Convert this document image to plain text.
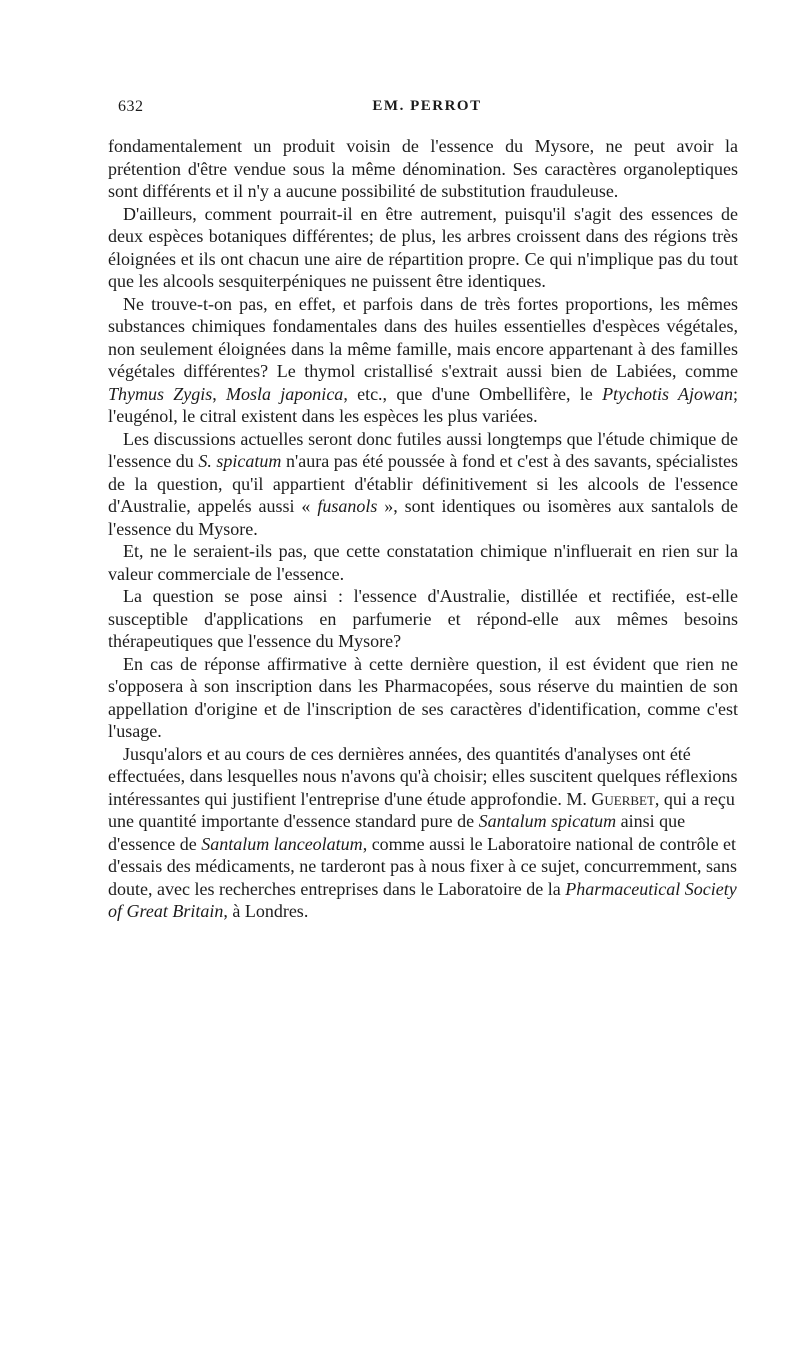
632	EM. PERROT

fondamentalement un produit voisin de l'essence du Mysore, ne peut avoir la prétention d'être vendue sous la même dénomination. Ses caractères organoleptiques sont différents et il n'y a aucune possibilité de substitution frauduleuse.

D'ailleurs, comment pourrait-il en être autrement, puisqu'il s'agit des essences de deux espèces botaniques différentes; de plus, les arbres croissent dans des régions très éloignées et ils ont chacun une aire de répartition propre. Ce qui n'implique pas du tout que les alcools sesquiterpéniques ne puissent être identiques.

Ne trouve-t-on pas, en effet, et parfois dans de très fortes proportions, les mêmes substances chimiques fondamentales dans des huiles essentielles d'espèces végétales, non seulement éloignées dans la même famille, mais encore appartenant à des familles végétales différentes? Le thymol cristallisé s'extrait aussi bien de Labiées, comme Thymus Zygis, Mosla japonica, etc., que d'une Ombellifère, le Ptychotis Ajowan; l'eugénol, le citral existent dans les espèces les plus variées.

Les discussions actuelles seront donc futiles aussi longtemps que l'étude chimique de l'essence du S. spicatum n'aura pas été poussée à fond et c'est à des savants, spécialistes de la question, qu'il appartient d'établir définitivement si les alcools de l'essence d'Australie, appelés aussi « fusanols », sont identiques ou isomères aux santalols de l'essence du Mysore.

Et, ne le seraient-ils pas, que cette constatation chimique n'influerait en rien sur la valeur commerciale de l'essence.

La question se pose ainsi : l'essence d'Australie, distillée et rectifiée, est-elle susceptible d'applications en parfumerie et répond-elle aux mêmes besoins thérapeutiques que l'essence du Mysore?

En cas de réponse affirmative à cette dernière question, il est évident que rien ne s'opposera à son inscription dans les Pharmacopées, sous réserve du maintien de son appellation d'origine et de l'inscription de ses caractères d'identification, comme c'est l'usage.

Jusqu'alors et au cours de ces dernières années, des quantités d'analyses ont été effectuées, dans lesquelles nous n'avons qu'à choisir; elles suscitent quelques réflexions intéressantes qui justifient l'entreprise d'une étude approfondie. M. Guerbet, qui a reçu une quantité importante d'essence standard pure de Santalum spicatum ainsi que d'essence de Santalum lanceolatum, comme aussi le Laboratoire national de contrôle et d'essais des médicaments, ne tarderont pas à nous fixer à ce sujet, concurremment, sans doute, avec les recherches entreprises dans le Laboratoire de la Pharmaceutical Society of Great Britain, à Londres.
